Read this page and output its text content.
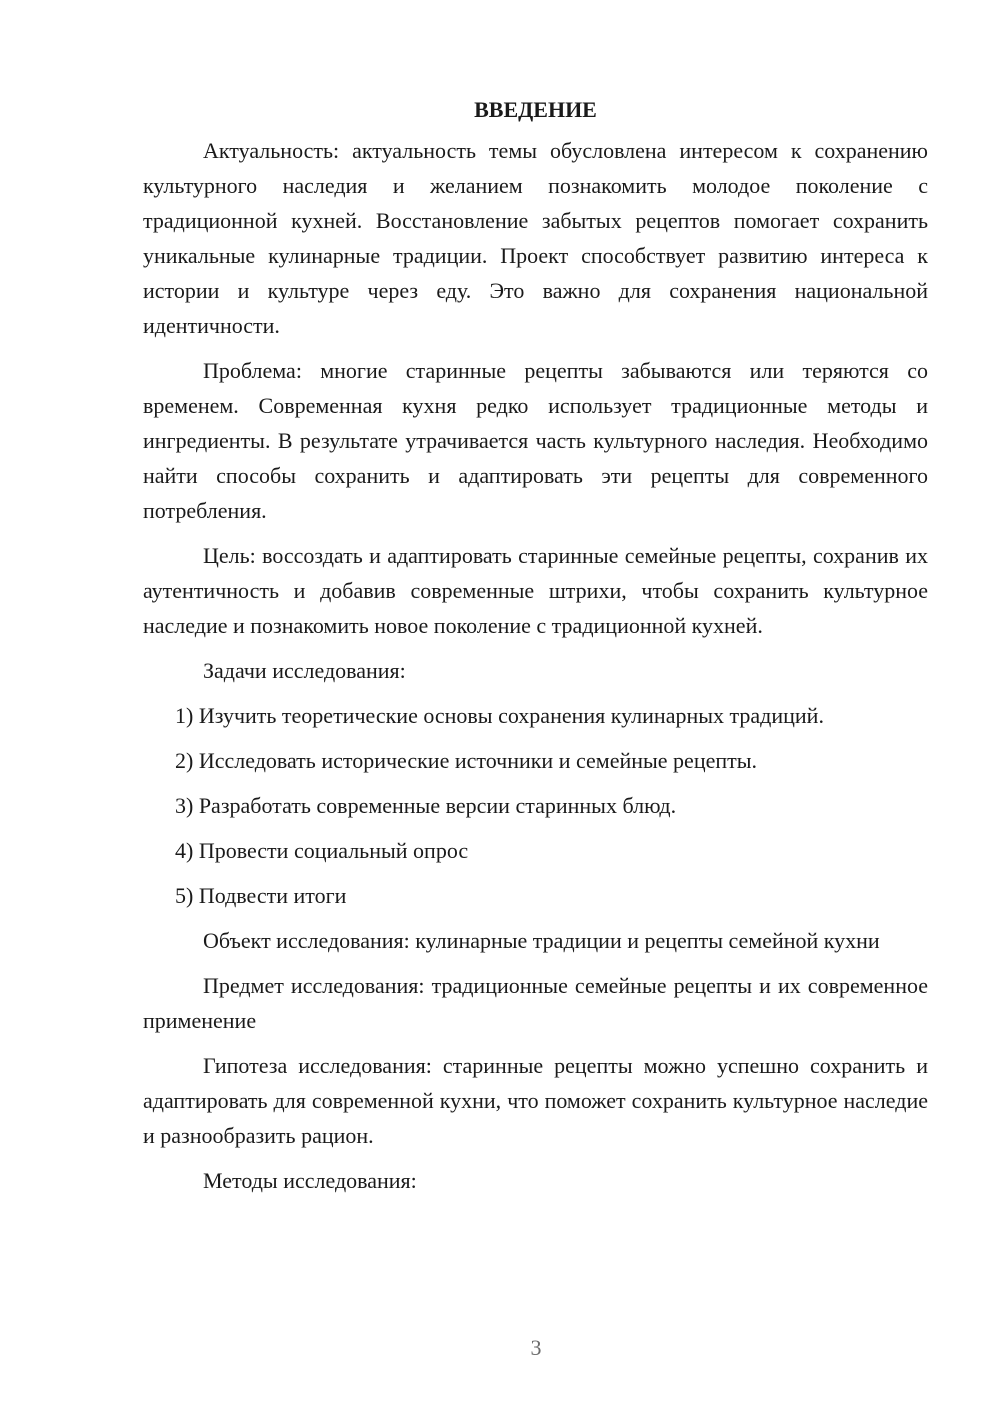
ВВЕДЕНИЕ

Актуальность: актуальность темы обусловлена интересом к сохранению культурного наследия и желанием познакомить молодое поколение с традиционной кухней. Восстановление забытых рецептов помогает сохранить уникальные кулинарные традиции. Проект способствует развитию интереса к истории и культуре через еду. Это важно для сохранения национальной идентичности.

Проблема: многие старинные рецепты забываются или теряются со временем. Современная кухня редко использует традиционные методы и ингредиенты. В результате утрачивается часть культурного наследия. Необходимо найти способы сохранить и адаптировать эти рецепты для современного потребления.

Цель: воссоздать и адаптировать старинные семейные рецепты, сохранив их аутентичность и добавив современные штрихи, чтобы сохранить культурное наследие и познакомить новое поколение с традиционной кухней.

Задачи исследования:

1) Изучить теоретические основы сохранения кулинарных традиций.
2) Исследовать исторические источники и семейные рецепты.
3) Разработать современные версии старинных блюд.
4) Провести социальный опрос
5) Подвести итоги

Объект исследования: кулинарные традиции и рецепты семейной кухни

Предмет исследования: традиционные семейные рецепты и их современное применение

Гипотеза исследования: старинные рецепты можно успешно сохранить и адаптировать для современной кухни, что поможет сохранить культурное наследие и разнообразить рацион.

Методы исследования:

3
